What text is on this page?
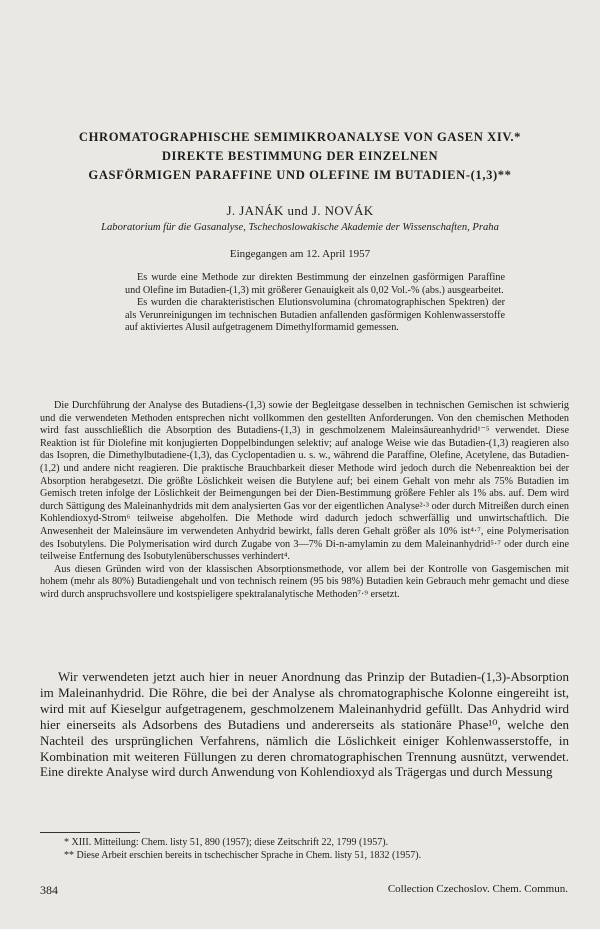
CHROMATOGRAPHISCHE SEMIMIKROANALYSE VON GASEN XIV.*
DIREKTE BESTIMMUNG DER EINZELNEN
GASFÖRMIGEN PARAFFINE UND OLEFINE IM BUTADIEN-(1,3)**
J. JANÁK und J. NOVÁK
Laboratorium für die Gasanalyse, Tschechoslowakische Akademie der Wissenschaften, Praha
Eingegangen am 12. April 1957

Es wurde eine Methode zur direkten Bestimmung der einzelnen gasförmigen Paraffine und Olefine im Butadien-(1,3) mit größerer Genauigkeit als 0,02 Vol.-% (abs.) ausgearbeitet.

Es wurden die charakteristischen Elutionsvolumina (chromatographischen Spektren) der als Verunreinigungen im technischen Butadien anfallenden gasförmigen Kohlenwasserstoffe auf aktiviertes Alusil aufgetragenem Dimethylformamid gemessen.

Die Durchführung der Analyse des Butadiens-(1,3) sowie der Begleitgase desselben in technischen Gemischen ist schwierig und die verwendeten Methoden entsprechen nicht vollkommen den gestellten Anforderungen. Von den chemischen Methoden wird fast ausschließlich die Absorption des Butadiens-(1,3) in geschmolzenem Maleinsäureanhydrid¹⁻⁵ verwendet. Diese Reaktion ist für Diolefine mit konjugierten Doppelbindungen selektiv; auf analoge Weise wie das Butadien-(1,3) reagieren also das Isopren, die Dimethylbutadiene-(1,3), das Cyclopentadien u. s. w., während die Paraffine, Olefine, Acetylene, das Butadien-(1,2) und andere nicht reagieren. Die praktische Brauchbarkeit dieser Methode wird jedoch durch die Nebenreaktion bei der Absorption herabgesetzt. Die größte Löslichkeit weisen die Butylene auf; bei einem Gehalt von mehr als 75% Butadien im Gemisch treten infolge der Löslichkeit der Beimengungen bei der Dien-Bestimmung größere Fehler als 1% abs. auf. Dem wird durch Sättigung des Maleinanhydrids mit dem analysierten Gas vor der eigentlichen Analyse²·³ oder durch Mitreißen durch einen Kohlendioxyd-Strom⁶ teilweise abgeholfen. Die Methode wird dadurch jedoch schwerfällig und unwirtschaftlich. Die Anwesenheit der Maleinsäure im verwendeten Anhydrid bewirkt, falls deren Gehalt größer als 10% ist⁴·⁷, eine Polymerisation des Isobutylens. Die Polymerisation wird durch Zugabe von 3—7% Di-n-amylamin zu dem Maleinanhydrid⁵·⁷ oder durch eine teilweise Entfernung des Isobutylenüberschusses verhindert⁴.

Aus diesen Gründen wird von der klassischen Absorptionsmethode, vor allem bei der Kontrolle von Gasgemischen mit hohem (mehr als 80%) Butadiengehalt und von technisch reinem (95 bis 98%) Butadien kein Gebrauch mehr gemacht und diese wird durch anspruchsvollere und kostspieligere spektralanalytische Methoden⁷·⁹ ersetzt.

Wir verwendeten jetzt auch hier in neuer Anordnung das Prinzip der Butadien-(1,3)-Absorption im Maleinanhydrid. Die Röhre, die bei der Analyse als chromatographische Kolonne eingereiht ist, wird mit auf Kieselgur aufgetragenem, geschmolzenem Maleinanhydrid gefüllt. Das Anhydrid wird hier einerseits als Adsorbens des Butadiens und andererseits als stationäre Phase¹⁰, welche den Nachteil des ursprünglichen Verfahrens, nämlich die Löslichkeit einiger Kohlenwasserstoffe, in Kombination mit weiteren Füllungen zu deren chromatographischen Trennung ausnützt, verwendet. Eine direkte Analyse wird durch Anwendung von Kohlendioxyd als Trägergas und durch Messung

* XIII. Mitteilung: Chem. listy 51, 890 (1957); diese Zeitschrift 22, 1799 (1957).
** Diese Arbeit erschien bereits in tschechischer Sprache in Chem. listy 51, 1832 (1957).
384	Collection Czechoslov. Chem. Commun.
